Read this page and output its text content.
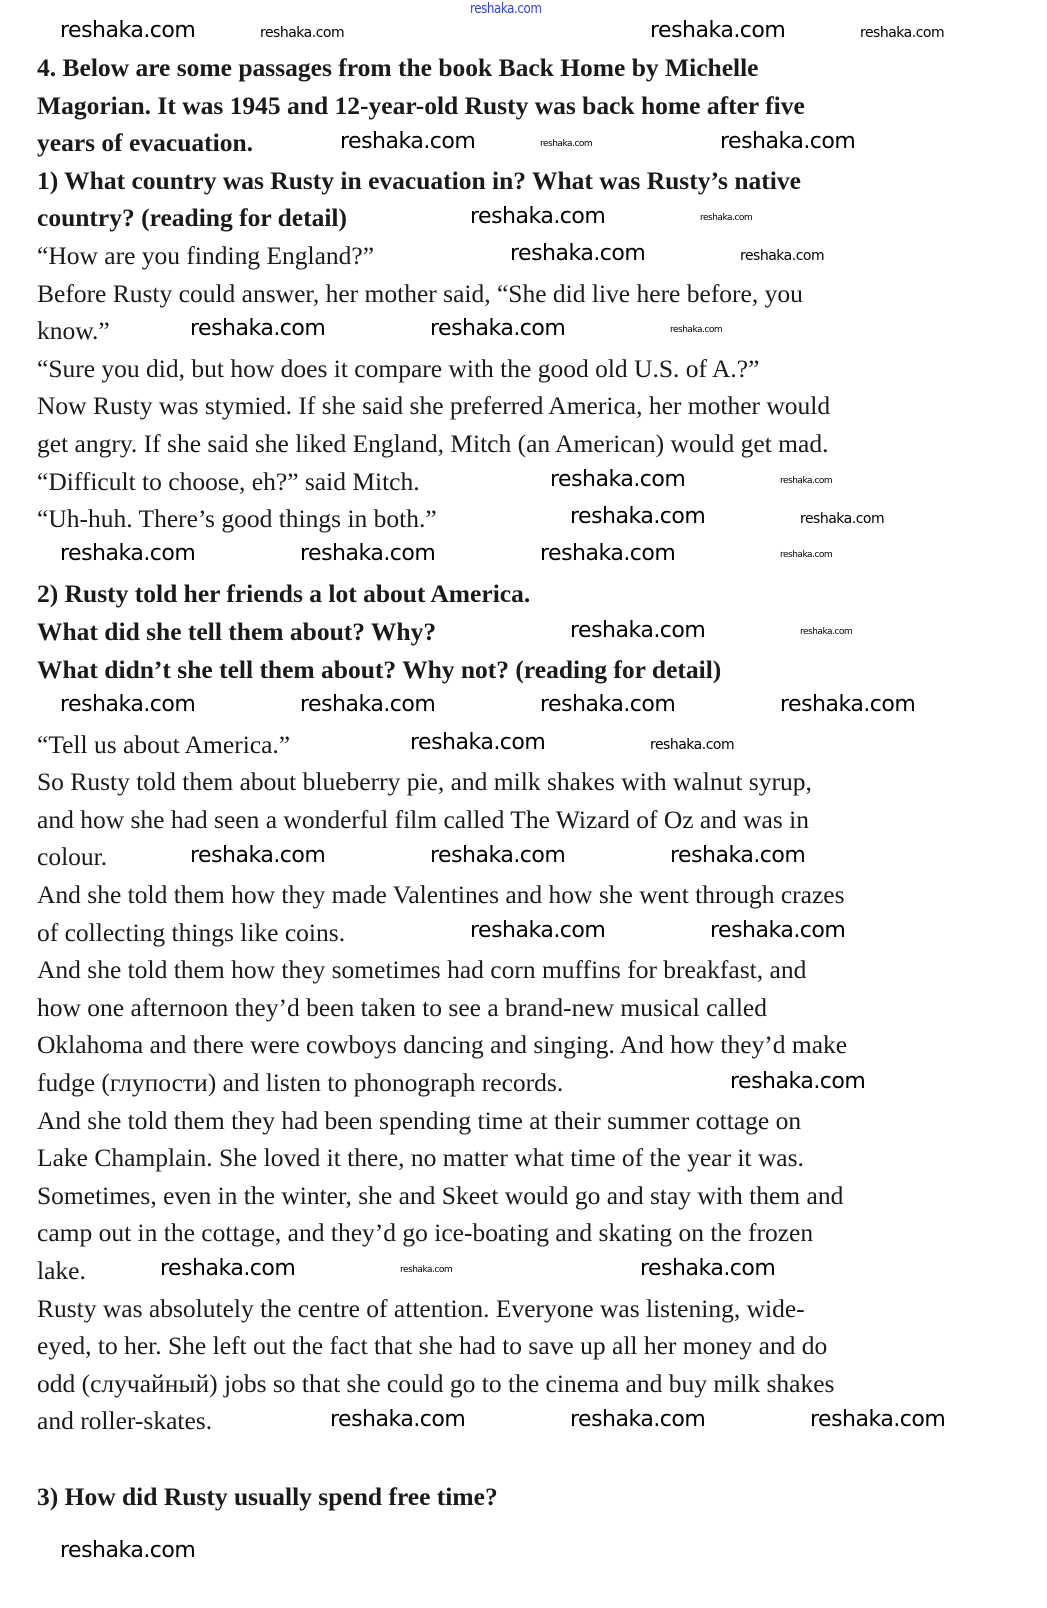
4. Below are some passages from the book Back Home by Michelle
Magorian. It was 1945 and 12-year-old Rusty was back home after five
years of evacuation.
1) What country was Rusty in evacuation in? What was Rusty’s native
country? (reading for detail)
“How are you finding England?”
Before Rusty could answer, her mother said, “She did live here before, you
know.”
“Sure you did, but how does it compare with the good old U.S. of A.?”
Now Rusty was stymied. If she said she preferred America, her mother would
get angry. If she said she liked England, Mitch (an American) would get mad.
“Difficult to choose, eh?” said Mitch.
“Uh-huh. There’s good things in both.”
2) Rusty told her friends a lot about America.
What did she tell them about? Why?
What didn’t she tell them about? Why not? (reading for detail)
“Tell us about America.”
So Rusty told them about blueberry pie, and milk shakes with walnut syrup,
and how she had seen a wonderful film called The Wizard of Oz and was in
colour.
And she told them how they made Valentines and how she went through crazes
of collecting things like coins.
And she told them how they sometimes had corn muffins for breakfast, and
how one afternoon they’d been taken to see a brand-new musical called
Oklahoma and there were cowboys dancing and singing. And how they’d make
fudge (глупости) and listen to phonograph records.
And she told them they had been spending time at their summer cottage on
Lake Champlain. She loved it there, no matter what time of the year it was.
Sometimes, even in the winter, she and Skeet would go and stay with them and
camp out in the cottage, and they’d go ice-boating and skating on the frozen
lake.
Rusty was absolutely the centre of attention. Everyone was listening, wide-
eyed, to her. She left out the fact that she had to save up all her money and do
odd (случайный) jobs so that she could go to the cinema and buy milk shakes
and roller-skates.
3) How did Rusty usually spend free time?
reshaka.com
reshaka.com	reshaka.com	reshaka.com	reshaka.com
reshaka.com	reshaka.com	reshaka.com
reshaka.com	reshaka.com
reshaka.com	reshaka.com
reshaka.com	reshaka.com	reshaka.com
reshaka.com	reshaka.com
reshaka.com	reshaka.com
reshaka.com	reshaka.com	reshaka.com	reshaka.com
reshaka.com	reshaka.com
reshaka.com	reshaka.com	reshaka.com	reshaka.com
reshaka.com	reshaka.com
reshaka.com	reshaka.com	reshaka.com
reshaka.com	reshaka.com
reshaka.com
reshaka.com	reshaka.com	reshaka.com
reshaka.com	reshaka.com	reshaka.com
reshaka.com
